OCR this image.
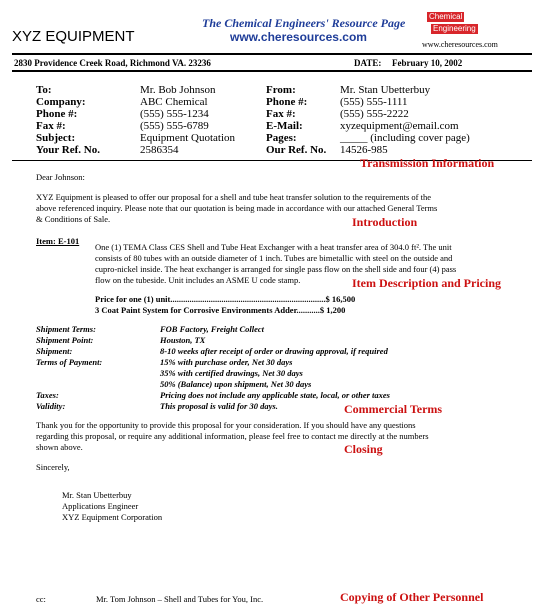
XYZ EQUIPMENT
The Chemical Engineers' Resource Page
www.cheresources.com
Chemical
Engineering
www.cheresources.com
2830 Providence Creek Road, Richmond VA. 23236	DATE: February 10, 2002
To:	Mr. Bob Johnson
Company:	ABC Chemical
Phone #:	(555) 555-1234
Fax #:	(555) 555-6789
Subject:	Equipment Quotation
Your Ref. No.	2586354
From:	Mr. Stan Ubetterbuy
Phone #:	(555) 555-1111
Fax #:	(555) 555-2222
E-Mail:	xyzequipment@email.com
Pages:	_____ (including cover page)
Our Ref. No. 14526-985
Transmission Information
Dear Johnson:
XYZ Equipment is pleased to offer our proposal for a shell and tube heat transfer solution to the requirements of the
above referenced inquiry. Please note that our quotation is being made in accordance with our attached General Terms
& Conditions of Sale.	Introduction
Item: E-101
One (1) TEMA Class CES Shell and Tube Heat Exchanger with a heat transfer area of 304.0 ft². The unit
consists of 80 tubes with an outside diameter of 1 inch. Tubes are bimetallic with steel on the outside and
cupro-nickel inside. The heat exchanger is arranged for single pass flow on the shell side and four (4) pass
flow on the tubeside. Unit includes an ASME U code stamp.	Item Description and Pricing
Price for one (1) unit.........................................................................$ 16,500
3 Coat Paint System for Corrosive Environments Adder...........$ 1,200
Shipment Terms:	FOB Factory, Freight Collect
Shipment Point:	Houston, TX
Shipment:	8-10 weeks after receipt of order or drawing approval, if required
Terms of Payment:	15% with purchase order, Net 30 days
35% with certified drawings, Net 30 days
50% (Balance) upon shipment, Net 30 days
Taxes:	Pricing does not include any applicable state, local, or other taxes
Validity:	This proposal is valid for 30 days.	Commercial Terms
Thank you for the opportunity to provide this proposal for your consideration. If you should have any questions
regarding this proposal, or require any additional information, please feel free to contact me directly at the numbers
shown above.	Closing
Sincerely,
Mr. Stan Ubetterbuy
Applications Engineer
XYZ Equipment Corporation
cc:	Mr. Tom Johnson – Shell and Tubes for You, Inc.	Copying of Other Personnel
